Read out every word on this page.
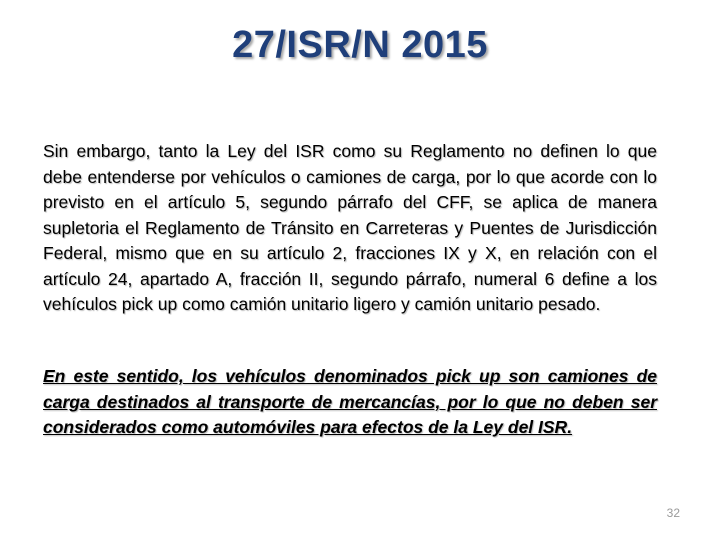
27/ISR/N 2015
Sin embargo, tanto la Ley del ISR como su Reglamento no definen lo que debe entenderse por vehículos o camiones de carga, por lo que acorde con lo previsto en el artículo 5, segundo párrafo del CFF, se aplica de manera supletoria el Reglamento de Tránsito en Carreteras y Puentes de Jurisdicción Federal, mismo que en su artículo 2, fracciones IX y X, en relación con el artículo 24, apartado A, fracción II, segundo párrafo, numeral 6 define a los vehículos pick up como camión unitario ligero y camión unitario pesado.
En este sentido, los vehículos denominados pick up son camiones de carga destinados al transporte de mercancías, por lo que no deben ser considerados como automóviles para efectos de la Ley del ISR.
32
